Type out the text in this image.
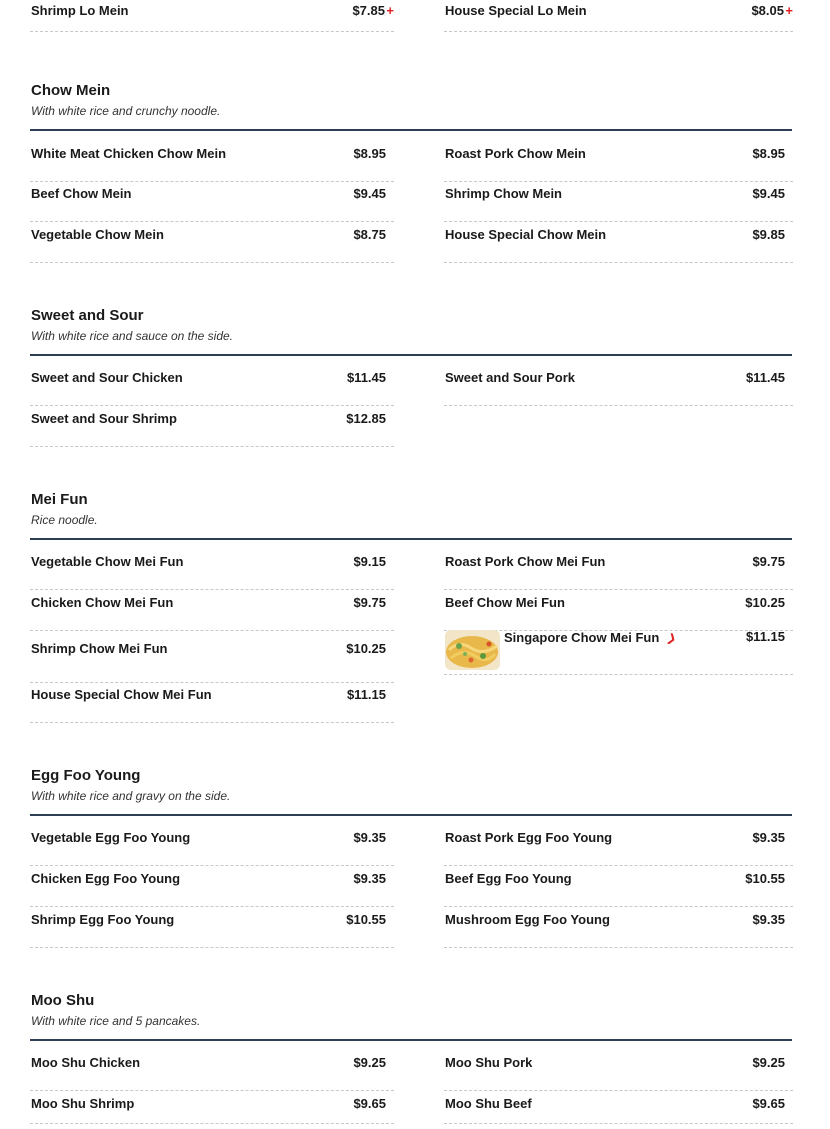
Shrimp Lo Mein	$7.85 +	House Special Lo Mein	$8.05 +
Chow Mein
With white rice and crunchy noodle.
White Meat Chicken Chow Mein	$8.95
Beef Chow Mein	$9.45
Vegetable Chow Mein	$8.75
Roast Pork Chow Mein	$8.95
Shrimp Chow Mein	$9.45
House Special Chow Mein	$9.85
Sweet and Sour
With white rice and sauce on the side.
Sweet and Sour Chicken	$11.45
Sweet and Sour Shrimp	$12.85
Sweet and Sour Pork	$11.45
Mei Fun
Rice noodle.
Vegetable Chow Mei Fun	$9.15
Chicken Chow Mei Fun	$9.75
Shrimp Chow Mei Fun	$10.25
House Special Chow Mei Fun	$11.15
Roast Pork Chow Mei Fun	$9.75
Beef Chow Mei Fun	$10.25
Singapore Chow Mei Fun ❯	$11.15
Egg Foo Young
With white rice and gravy on the side.
Vegetable Egg Foo Young	$9.35
Chicken Egg Foo Young	$9.35
Shrimp Egg Foo Young	$10.55
Roast Pork Egg Foo Young	$9.35
Beef Egg Foo Young	$10.55
Mushroom Egg Foo Young	$9.35
Moo Shu
With white rice and 5 pancakes.
Moo Shu Chicken	$9.25
Moo Shu Shrimp	$9.65
Moo Shu Pork	$9.25
Moo Shu Beef	$9.65
